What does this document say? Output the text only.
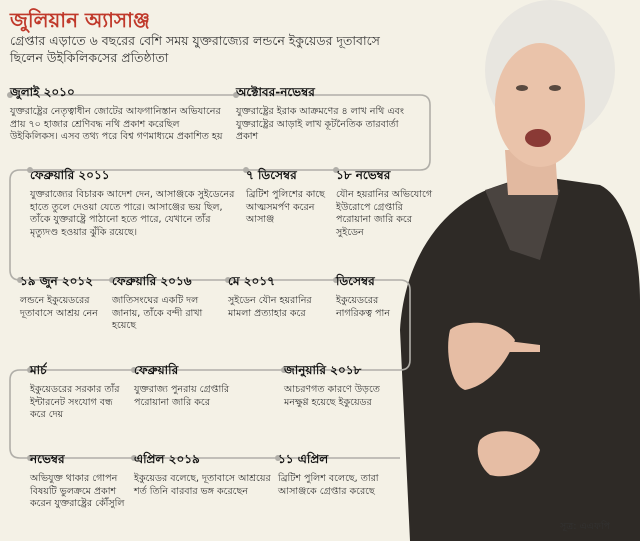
জুলিয়ান অ্যাসাঞ্জ
গ্রেপ্তার এড়াতে ৬ বছরের বেশি সময় যুক্তরাজ্যের লন্ডনে ইকুয়েডর দূতাবাসে ছিলেন উইকিলিকসের প্রতিষ্ঠাতা
জুলাই ২০১০
যুক্তরাষ্ট্রের নেতৃত্বাধীন জোটের আফগানিস্তান অভিযানের প্রায় ৭০ হাজার শ্রেণিবদ্ধ নথি প্রকাশ করেছিল উইকিলিকস। এসব তথ্য পরে বিশ্ব গণমাধ্যমে প্রকাশিত হয়
অক্টোবর-নভেম্বর
যুক্তরাষ্ট্রের ইরাক আক্রমণের ৪ লাখ নথি এবং যুক্তরাষ্ট্রের আড়াই লাখ কূটনৈতিক তারবার্তা প্রকাশ
১৮ নভেম্বর
যৌন হয়রানির অভিযোগে ইউরোপে গ্রেপ্তারি পরোয়ানা জারি করে সুইডেন
৭ ডিসেম্বর
ব্রিটিশ পুলিশের কাছে আত্মসমর্পণ করেন আসাঞ্জ
ফেব্রুয়ারি ২০১১
যুক্তরাজ্যের বিচারক আদেশ দেন, আসাঞ্জকে সুইডেনের হাতে তুলে দেওয়া যেতে পারে। আসাঞ্জের ভয় ছিল, তাঁকে যুক্তরাষ্ট্রে পাঠানো হতে পারে, যেখানে তাঁর মৃত্যুদণ্ড হওয়ার ঝুঁকি রয়েছে।
১৯ জুন ২০১২
লন্ডনে ইকুয়েডরের দূতাবাসে আশ্রয় নেন
ফেব্রুয়ারি ২০১৬
জাতিসংঘের একটি দল জানায়, তাঁকে বন্দী রাখা হয়েছে
মে ২০১৭
সুইডেন যৌন হয়রানির মামলা প্রত্যাহার করে
ডিসেম্বর
ইকুয়েডরের নাগরিকত্ব পান
জানুয়ারি ২০১৮
আচরণগত কারণে উড়তে মনক্ষুণ্ণ হয়েছে ইকুয়েডর
ফেব্রুয়ারি
যুক্তরাজ্য পুনরায় গ্রেপ্তারি পরোয়ানা জারি করে
মার্চ
ইকুয়েডরের সরকার তাঁর ইন্টারনেট সংযোগ বন্ধ করে দেয়
নভেম্বর
অভিযুক্ত থাকার গোপন বিষয়টি ভুলক্রমে প্রকাশ করেন যুক্তরাষ্ট্রের কৌঁসুলি
এপ্রিল ২০১৯
ইকুয়েডর বলেছে, দূতাবাসে আশ্রয়ের শর্ত তিনি বারবার ভঙ্গ করেছেন
১১ এপ্রিল
ব্রিটিশ পুলিশ বলেছে, তারা আসাঞ্জকে গ্রেপ্তার করেছে
সূত্র: এএফপি
